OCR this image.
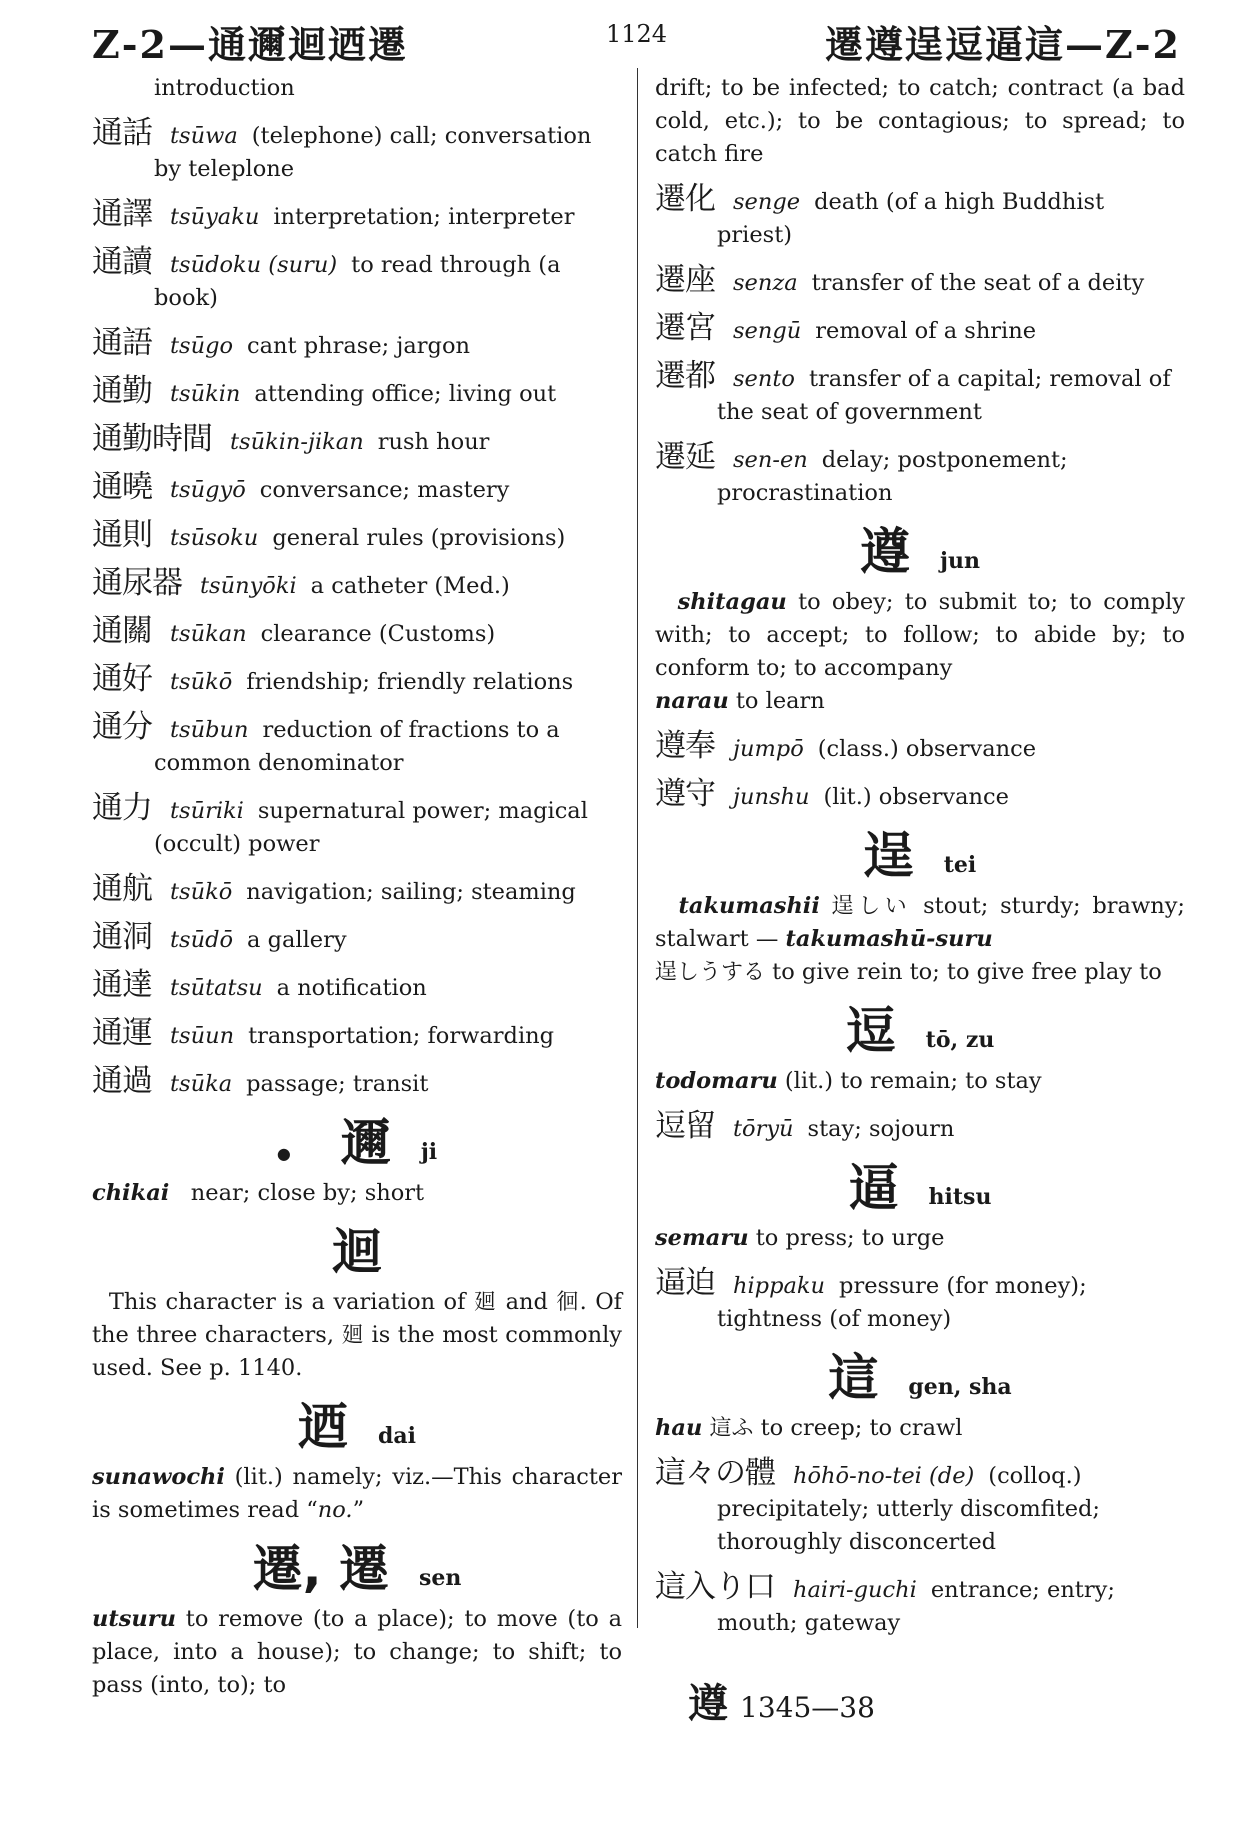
Z-2—通邇迴迺遷	1124	遷遵逞逗逼這—Z-2
introduction
通話 tsūwa (telephone) call; conversation by teleplone
通譯 tsūyaku interpretation; interpreter
通讀 tsūdoku (suru) to read through (a book)
通語 tsūgo cant phrase; jargon
通勤 tsūkin attending office; living out
通勤時間 tsūkin-jikan rush hour
通曉 tsūgyō conversance; mastery
通則 tsūsoku general rules (provisions)
通尿器 tsūnyōki a catheter (Med.)
通關 tsūkan clearance (Customs)
通好 tsūkō friendship; friendly relations
通分 tsūbun reduction of fractions to a common denominator
通力 tsūriki supernatural power; magical (occult) power
通航 tsūkō navigation; sailing; steaming
通洞 tsūdō a gallery
通達 tsūtatsu a notification
通運 tsūun transportation; forwarding
通過 tsūka passage; transit
● 邇 ji
chikai near; close by; short
迴
This character is a variation of 廻 and 徊. Of the three characters, 廻 is the most commonly used. See p. 1140.
迺 dai
sunawochi (lit.) namely; viz.—This character is sometimes read “no.”
遷, 遷 sen
utsuru to remove (to a place); to move (to a place, into a house); to change; to shift; to pass (into, to); to
drift; to be infected; to catch; contract (a bad cold, etc.); to be contagious; to spread; to catch fire
遷化 senge death (of a high Buddhist priest)
遷座 senza transfer of the seat of a deity
遷宮 sengū removal of a shrine
遷都 sento transfer of a capital; removal of the seat of government
遷延 sen-en delay; postponement; procrastination
遵 jun
shitagau to obey; to submit to; to comply with; to accept; to follow; to abide by; to conform to; to accompany
narau to learn
遵奉 jumpō (class.) observance
遵守 junshu (lit.) observance
逞 tei
takumashii 逞しい stout; sturdy; brawny; stalwart — takumashū-suru
逞しうする to give rein to; to give free play to
逗 tō, zu
todomaru (lit.) to remain; to stay
逗留 tōryū stay; sojourn
逼 hitsu
semaru to press; to urge
逼迫 hippaku pressure (for money); tightness (of money)
這 gen, sha
hau 這ふ to creep; to crawl
這々の體 hōhō-no-tei (de) (colloq.) precipitately; utterly discomfited; thoroughly disconcerted
這入り口 hairi-guchi entrance; entry; mouth; gateway
遵 1345—38
